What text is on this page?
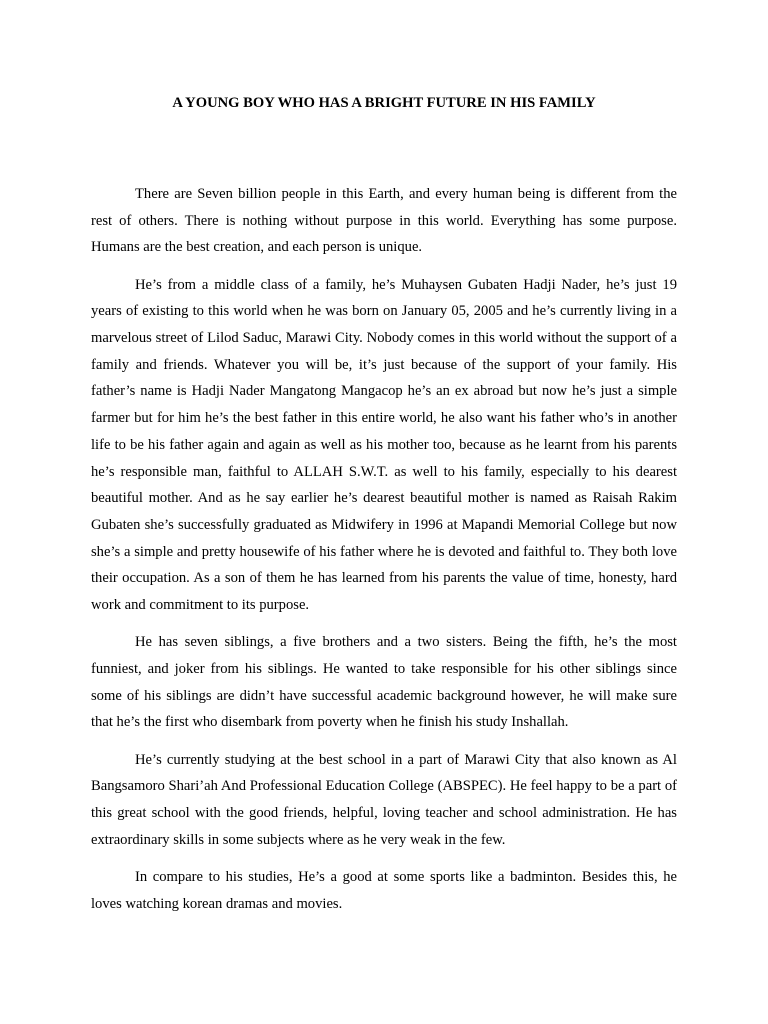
A YOUNG BOY WHO HAS A BRIGHT FUTURE IN HIS FAMILY

There are Seven billion people in this Earth, and every human being is different from the rest of others. There is nothing without purpose in this world. Everything has some purpose. Humans are the best creation, and each person is unique.

He’s from a middle class of a family, he’s Muhaysen Gubaten Hadji Nader, he’s just 19 years of existing to this world when he was born on January 05, 2005 and he’s currently living in a marvelous street of Lilod Saduc, Marawi City. Nobody comes in this world without the support of a family and friends. Whatever you will be, it’s just because of the support of your family. His father’s name is Hadji Nader Mangatong Mangacop he’s an ex abroad but now he’s just a simple farmer but for him he’s the best father in this entire world, he also want his father who’s in another life to be his father again and again as well as his mother too, because as he learnt from his parents he’s responsible man, faithful to ALLAH S.W.T. as well to his family, especially to his dearest beautiful mother. And as he say earlier he’s dearest beautiful mother is named as Raisah Rakim Gubaten she’s successfully graduated as Midwifery in 1996 at Mapandi Memorial College but now she’s a simple and pretty housewife of his father where he is devoted and faithful to. They both love their occupation. As a son of them he has learned from his parents the value of time, honesty, hard work and commitment to its purpose.

He has seven siblings, a five brothers and a two sisters. Being the fifth, he’s the most funniest, and joker from his siblings. He wanted to take responsible for his other siblings since some of his siblings are didn’t have successful academic background however, he will make sure that he’s the first who disembark from poverty when he finish his study Inshallah.

He’s currently studying at the best school in a part of Marawi City that also known as Al Bangsamoro Shari’ah And Professional Education College (ABSPEC). He feel happy to be a part of this great school with the good friends, helpful, loving teacher and school administration. He has extraordinary skills in some subjects where as he very weak in the few.

In compare to his studies, He’s a good at some sports like a badminton. Besides this, he loves watching korean dramas and movies.
